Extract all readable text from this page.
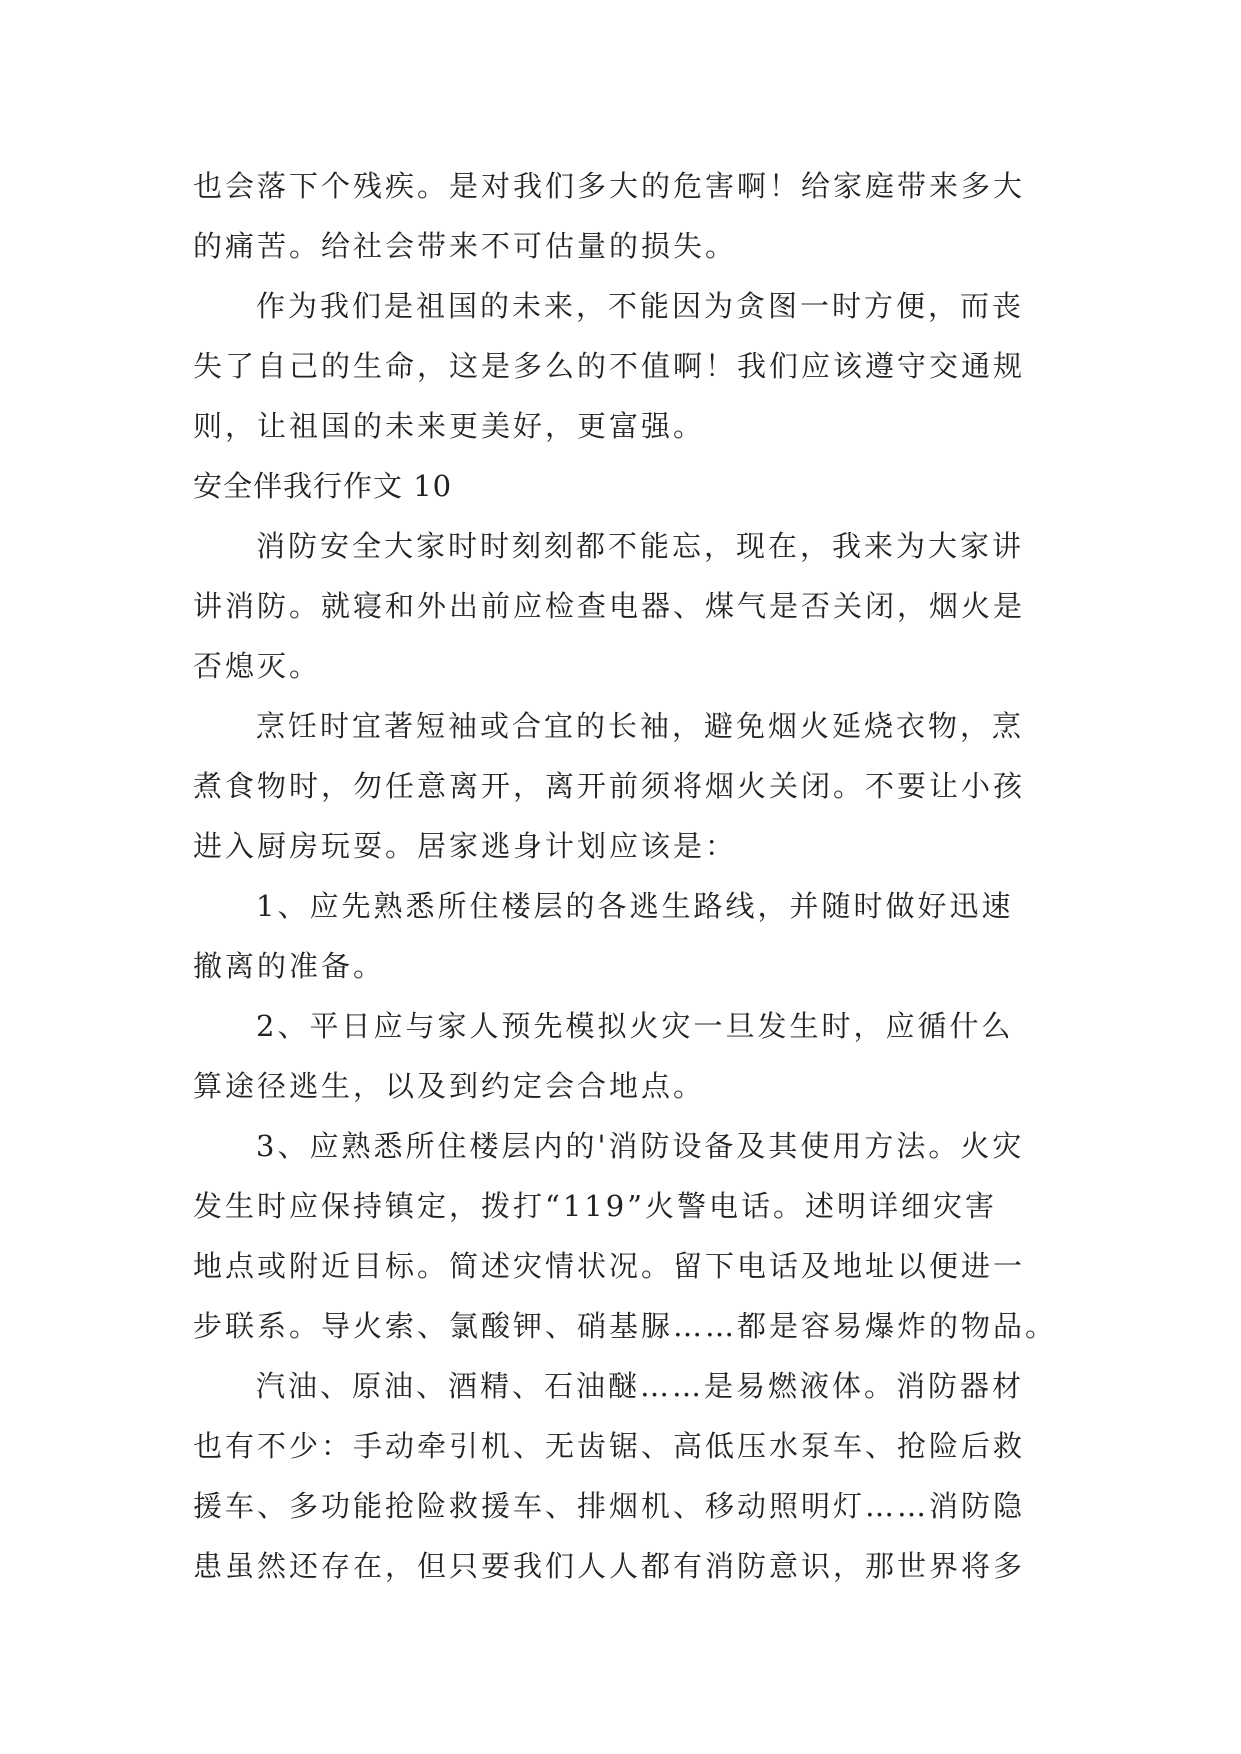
也会落下个残疾。是对我们多大的危害啊！给家庭带来多大

的痛苦。给社会带来不可估量的损失。

作为我们是祖国的未来，不能因为贪图一时方便，而丧

失了自己的生命，这是多么的不值啊！我们应该遵守交通规

则，让祖国的未来更美好，更富强。

安全伴我行作文 10

消防安全大家时时刻刻都不能忘，现在，我来为大家讲

讲消防。就寝和外出前应检查电器、煤气是否关闭，烟火是

否熄灭。

烹饪时宜著短袖或合宜的长袖，避免烟火延烧衣物，烹

煮食物时，勿任意离开，离开前须将烟火关闭。不要让小孩

进入厨房玩耍。居家逃身计划应该是：

1、应先熟悉所住楼层的各逃生路线，并随时做好迅速

撤离的准备。

2、平日应与家人预先模拟火灾一旦发生时，应循什么

算途径逃生，以及到约定会合地点。

3、应熟悉所住楼层内的'消防设备及其使用方法。火灾

发生时应保持镇定，拨打“119”火警电话。述明详细灾害

地点或附近目标。简述灾情状况。留下电话及地址以便进一

步联系。导火索、氯酸钾、硝基脲……都是容易爆炸的物品。

汽油、原油、酒精、石油醚……是易燃液体。消防器材

也有不少：手动牵引机、无齿锯、高低压水泵车、抢险后救

援车、多功能抢险救援车、排烟机、移动照明灯……消防隐

患虽然还存在，但只要我们人人都有消防意识，那世界将多
